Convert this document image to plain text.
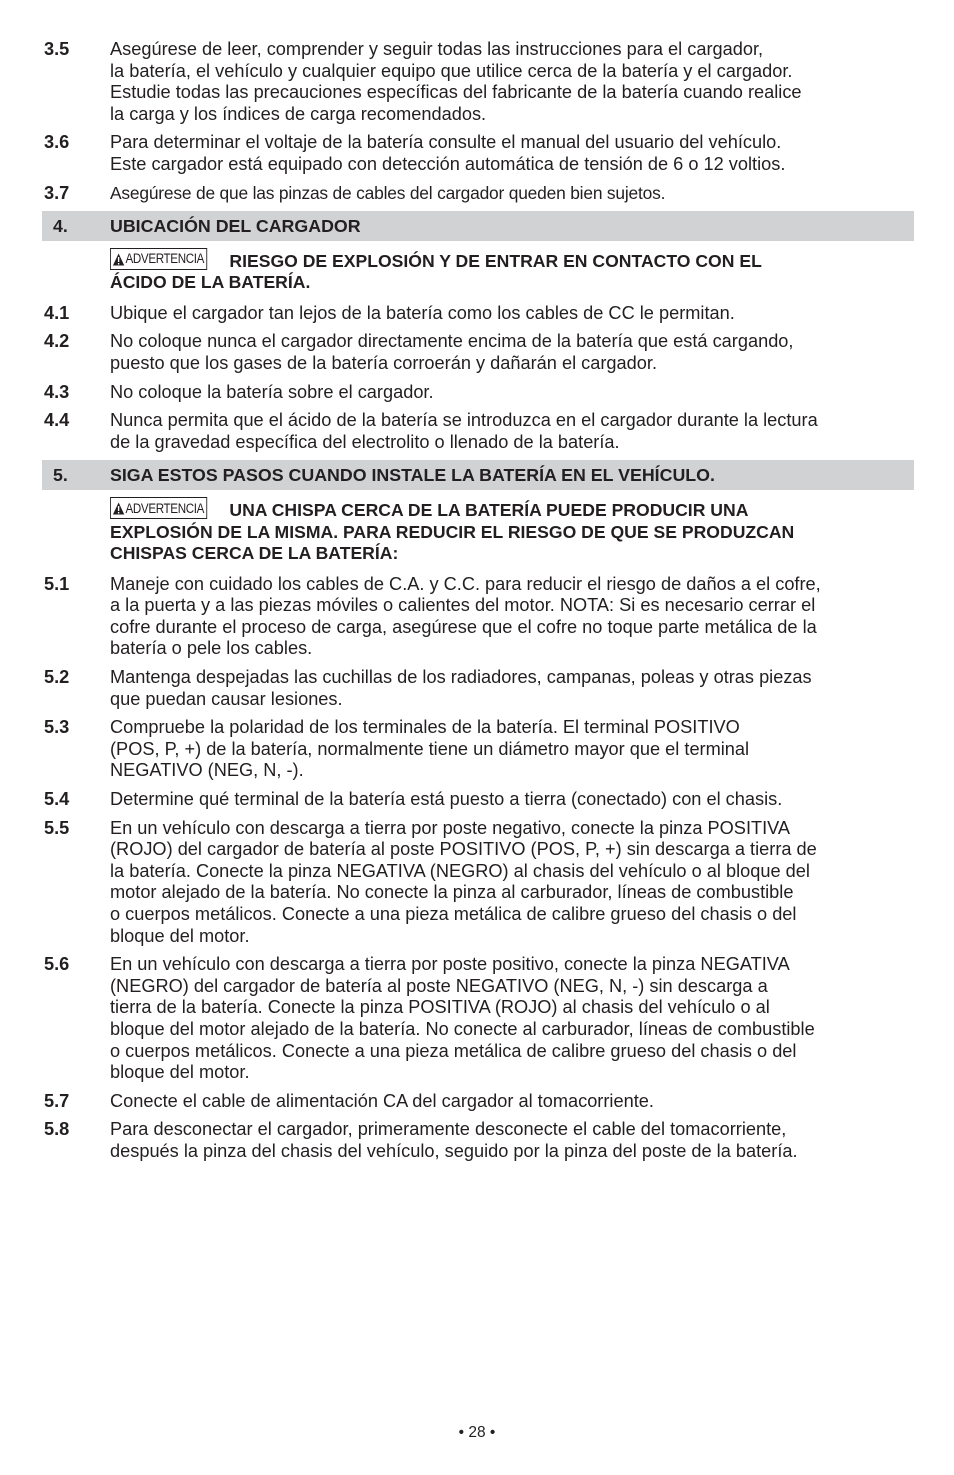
3.5	Asegúrese de leer, comprender y seguir todas las instrucciones para el cargador,
la batería, el vehículo y cualquier equipo que utilice cerca de la batería y el cargador.
Estudie todas las precauciones específicas del fabricante de la batería cuando realice
la carga y los índices de carga recomendados.
3.6	Para determinar el voltaje de la batería consulte el manual del usuario del vehículo.
Este cargador está equipado con detección automática de tensión de 6 o 12 voltios.
3.7	Asegúrese de que las pinzas de cables del cargador queden bien sujetos.
4.	UBICACIÓN DEL CARGADOR
ADVERTENCIA RIESGO DE EXPLOSIÓN Y DE ENTRAR EN CONTACTO CON EL
ÁCIDO DE LA BATERÍA.
4.1	Ubique el cargador tan lejos de la batería como los cables de CC le permitan.
4.2	No coloque nunca el cargador directamente encima de la batería que está cargando,
puesto que los gases de la batería corroerán y dañarán el cargador.
4.3	No coloque la batería sobre el cargador.
4.4	Nunca permita que el ácido de la batería se introduzca en el cargador durante la lectura
de la gravedad específica del electrolito o llenado de la batería.
5.	SIGA ESTOS PASOS CUANDO INSTALE LA BATERÍA EN EL VEHÍCULO.
ADVERTENCIA UNA CHISPA CERCA DE LA BATERÍA PUEDE PRODUCIR UNA
EXPLOSIÓN DE LA MISMA. PARA REDUCIR EL RIESGO DE QUE SE PRODUZCAN
CHISPAS CERCA DE LA BATERÍA:
5.1	Maneje con cuidado los cables de C.A. y C.C. para reducir el riesgo de daños a el cofre,
a la puerta y a las piezas móviles o calientes del motor. NOTA: Si es necesario cerrar el
cofre durante el proceso de carga, asegúrese que el cofre no toque parte metálica de la
batería o pele los cables.
5.2	Mantenga despejadas las cuchillas de los radiadores, campanas, poleas y otras piezas
que puedan causar lesiones.
5.3	Compruebe la polaridad de los terminales de la batería. El terminal POSITIVO
(POS, P, +) de la batería, normalmente tiene un diámetro mayor que el terminal
NEGATIVO (NEG, N, -).
5.4	Determine qué terminal de la batería está puesto a tierra (conectado) con el chasis.
5.5	En un vehículo con descarga a tierra por poste negativo, conecte la pinza POSITIVA
(ROJO) del cargador de batería al poste POSITIVO (POS, P, +) sin descarga a tierra de
la batería. Conecte la pinza NEGATIVA (NEGRO) al chasis del vehículo o al bloque del
motor alejado de la batería. No conecte la pinza al carburador, líneas de combustible
o cuerpos metálicos. Conecte a una pieza metálica de calibre grueso del chasis o del
bloque del motor.
5.6	En un vehículo con descarga a tierra por poste positivo, conecte la pinza NEGATIVA
(NEGRO) del cargador de batería al poste NEGATIVO (NEG, N, -) sin descarga a
tierra de la batería. Conecte la pinza POSITIVA (ROJO) al chasis del vehículo o al
bloque del motor alejado de la batería. No conecte al carburador, líneas de combustible
o cuerpos metálicos. Conecte a una pieza metálica de calibre grueso del chasis o del
bloque del motor.
5.7	Conecte el cable de alimentación CA del cargador al tomacorriente.
5.8	Para desconectar el cargador, primeramente desconecte el cable del tomacorriente,
después la pinza del chasis del vehículo, seguido por la pinza del poste de la batería.
• 28 •
